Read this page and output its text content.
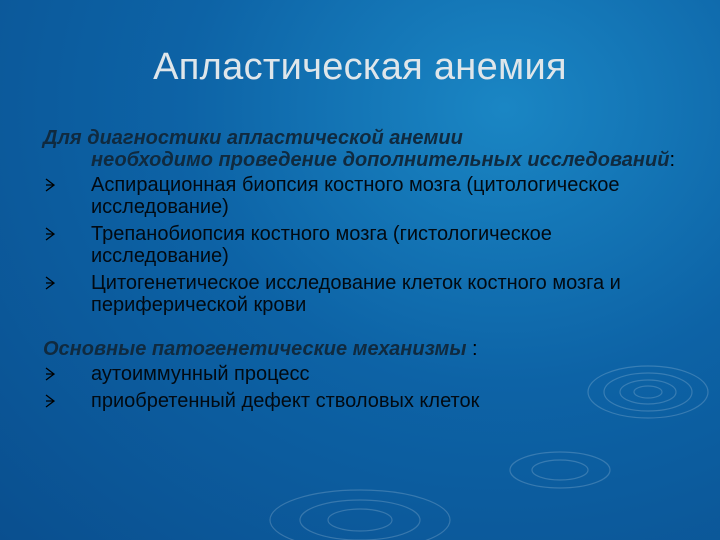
Апластическая анемия
Для диагностики апластической анемии
необходимо проведение дополнительных исследований:
Аспирационная биопсия костного мозга (цитологическое исследование)
Трепанобиопсия костного мозга (гистологическое исследование)
Цитогенетическое исследование клеток костного мозга и периферической крови
Основные патогенетические механизмы :
аутоиммунный процесс
приобретенный дефект стволовых клеток
